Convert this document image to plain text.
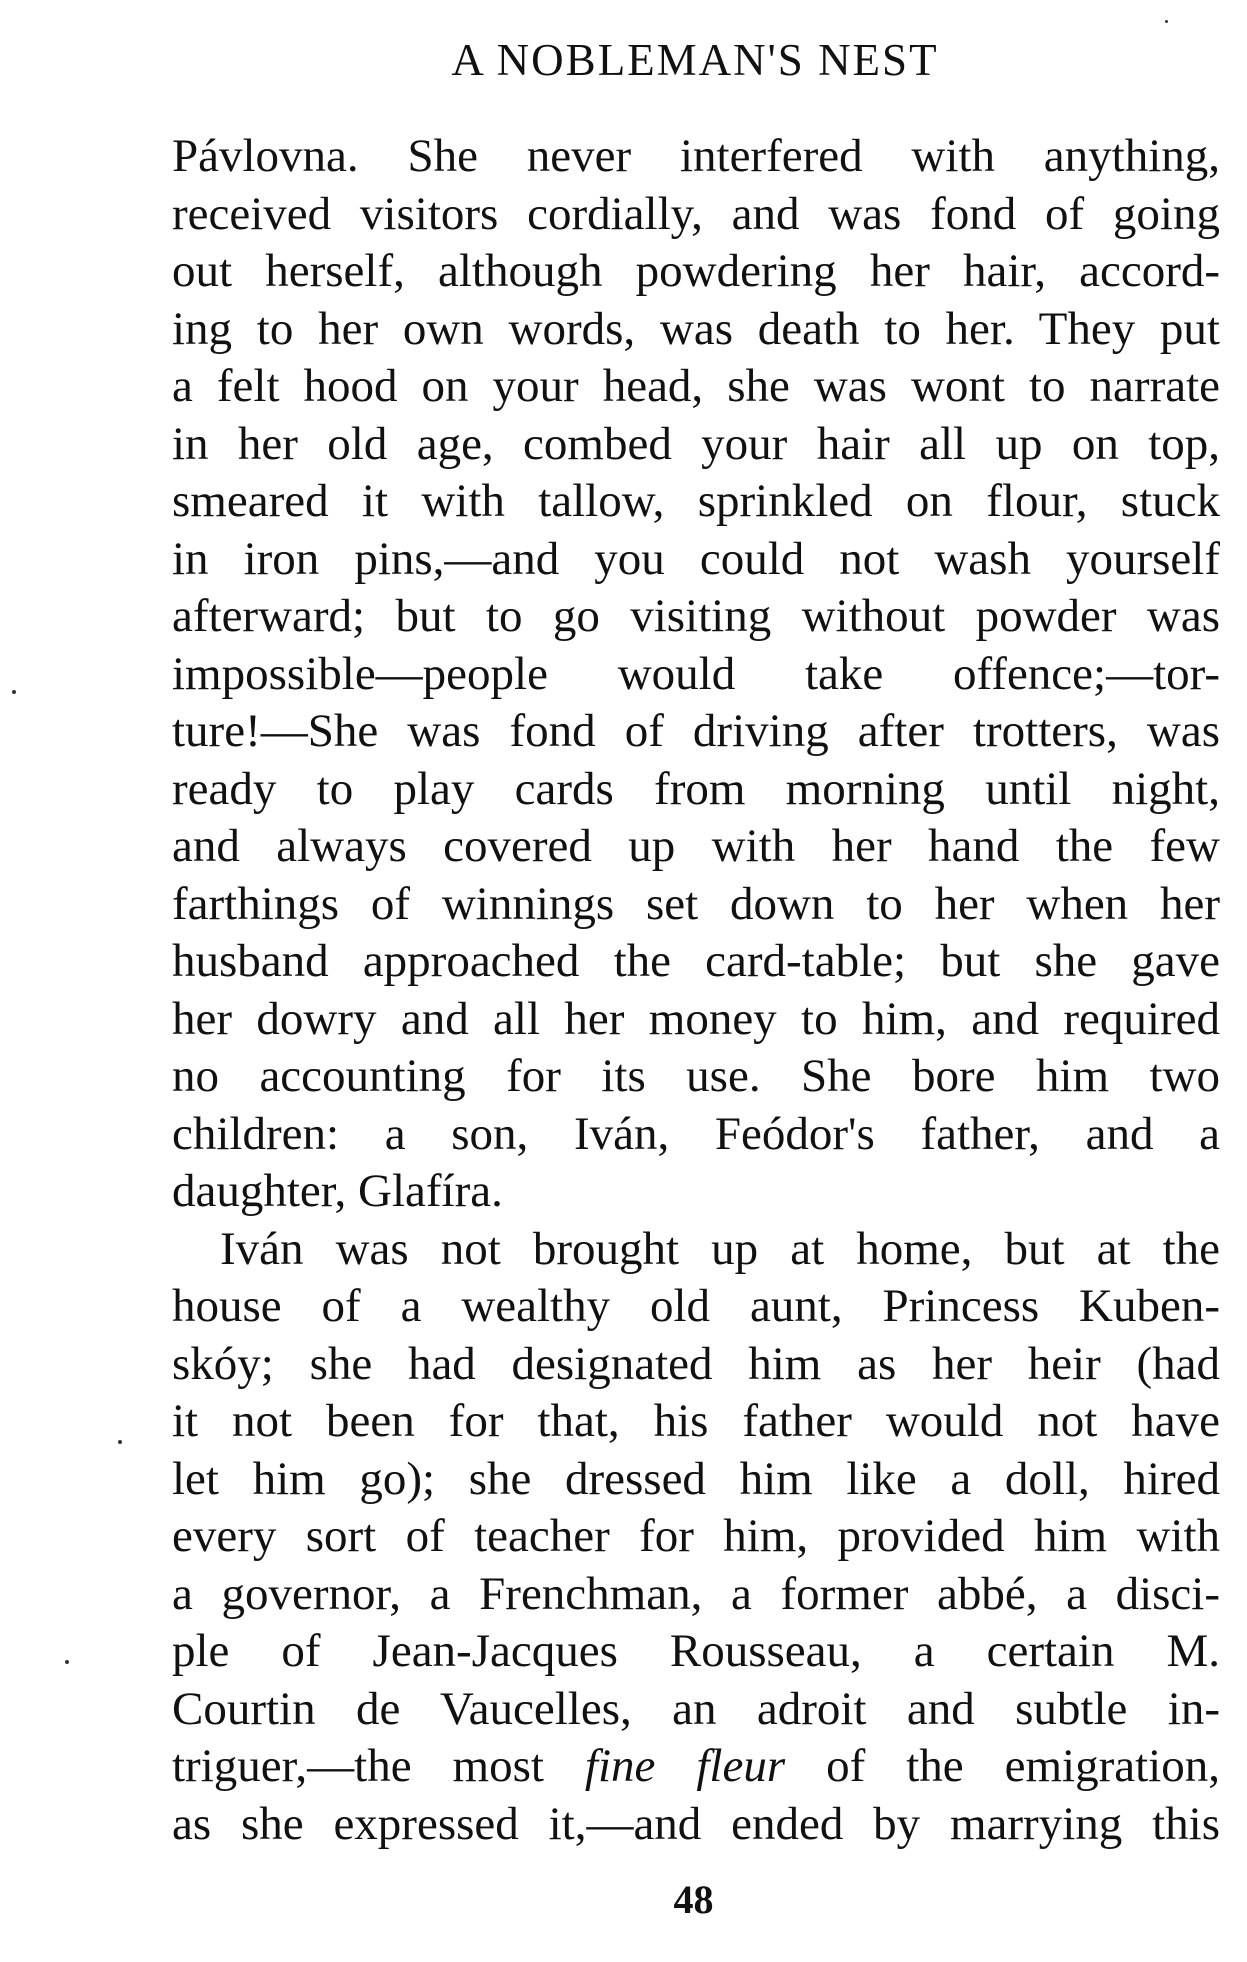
A NOBLEMAN'S NEST
Pávlovna. She never interfered with anything,
received visitors cordially, and was fond of going
out herself, although powdering her hair, accord-
ing to her own words, was death to her. They put
a felt hood on your head, she was wont to narrate
in her old age, combed your hair all up on top,
smeared it with tallow, sprinkled on flour, stuck
in iron pins,—and you could not wash yourself
afterward; but to go visiting without powder was
impossible—people would take offence;—tor-
ture!—She was fond of driving after trotters, was
ready to play cards from morning until night,
and always covered up with her hand the few
farthings of winnings set down to her when her
husband approached the card-table; but she gave
her dowry and all her money to him, and required
no accounting for its use. She bore him two
children: a son, Iván, Feódor's father, and a
daughter, Glafíra.
Iván was not brought up at home, but at the
house of a wealthy old aunt, Princess Kuben-
skóy; she had designated him as her heir (had
it not been for that, his father would not have
let him go); she dressed him like a doll, hired
every sort of teacher for him, provided him with
a governor, a Frenchman, a former abbé, a disci-
ple of Jean-Jacques Rousseau, a certain M.
Courtin de Vaucelles, an adroit and subtle in-
triguer,—the most fine fleur of the emigration,
as she expressed it,—and ended by marrying this
48
